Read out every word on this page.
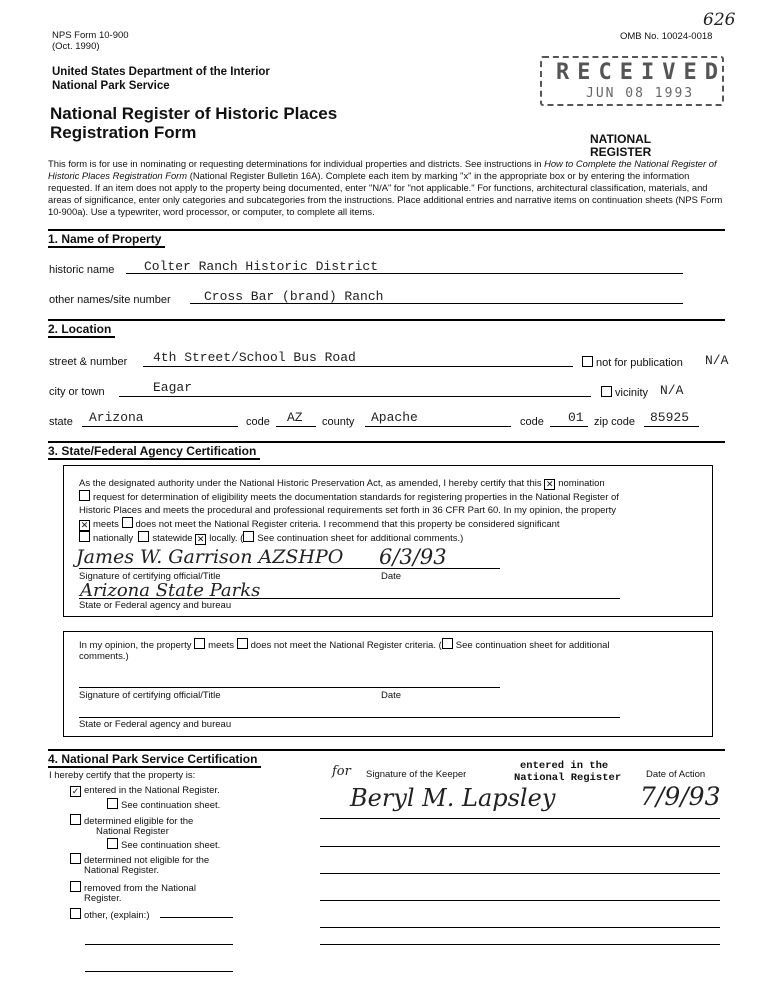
NPS Form 10-900
(Oct. 1990)
OMB No. 10024-0018
626
United States Department of the Interior
National Park Service
National Register of Historic Places
Registration Form
RECEIVED
JUN 08 1993
NATIONAL
REGISTER
This form is for use in nominating or requesting determinations for individual properties and districts. See instructions in How to Complete the National Register of Historic Places Registration Form (National Register Bulletin 16A). Complete each item by marking "x" in the appropriate box or by entering the information requested. If an item does not apply to the property being documented, enter "N/A" for "not applicable." For functions, architectural classification, materials, and areas of significance, enter only categories and subcategories from the instructions. Place additional entries and narrative items on continuation sheets (NPS Form 10-900a). Use a typewriter, word processor, or computer, to complete all items.
1. Name of Property
historic name Colter Ranch Historic District
other names/site number	Cross Bar (brand) Ranch
2. Location
street & number 4th Street/School Bus Road	not for publication N/A
city or town	Eagar	vicinity N/A
state Arizona	code AZ county Apache	code 01 zip code 85925
3. State/Federal Agency Certification
As the designated authority under the National Historic Preservation Act, as amended, I hereby certify that this ✕ nomination
request for determination of eligibility meets the documentation standards for registering properties in the National Register of
Historic Places and meets the procedural and professional requirements set forth in 36 CFR Part 60. In my opinion, the property
✕ meets does not meet the National Register criteria. I recommend that this property be considered significant
nationally statewide ✕ locally. ( See continuation sheet for additional comments.)
James W. Garrison AZSHPO 6/3/93
Signature of certifying official/Title	Date
Arizona State Parks
State or Federal agency and bureau
In my opinion, the property meets does not meet the National Register criteria. ( See continuation sheet for additional
comments.)
Signature of certifying official/Title	Date
State or Federal agency and bureau
4. National Park Service Certification
I hereby certify that the property is:	for Signature of the Keeper
entered in the
National Register	Date of Action
Beryl M. Lapsley	7/9/93
✓ entered in the National Register.
See continuation sheet.
determined eligible for the
National Register
See continuation sheet.
determined not eligible for the
National Register.
removed from the National
Register.
other, (explain:)
